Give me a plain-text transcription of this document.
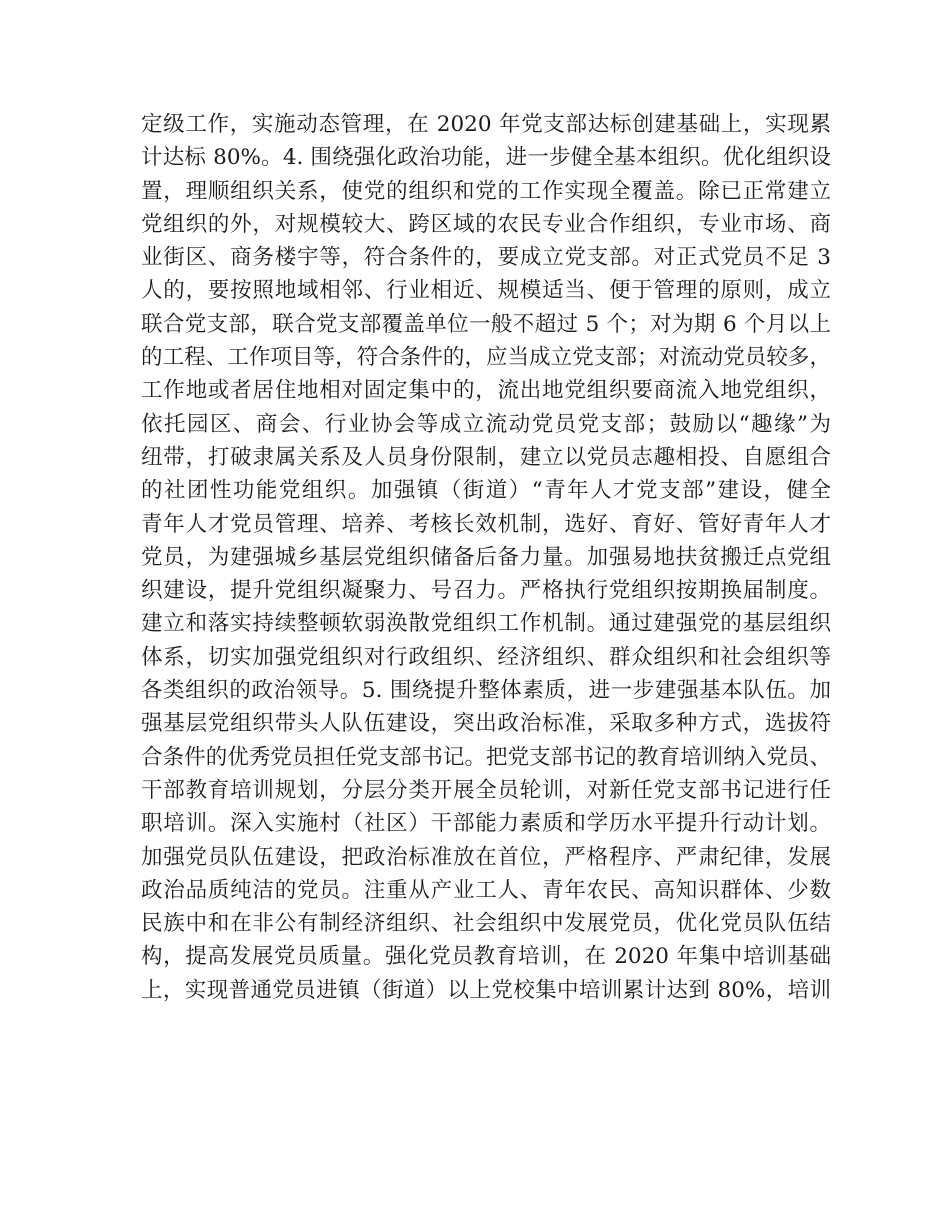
定级工作，实施动态管理，在 2020 年党支部达标创建基础上，实现累
计达标 80%。4. 围绕强化政治功能，进一步健全基本组织。优化组织设
置，理顺组织关系，使党的组织和党的工作实现全覆盖。除已正常建立
党组织的外，对规模较大、跨区域的农民专业合作组织，专业市场、商
业街区、商务楼宇等，符合条件的，要成立党支部。对正式党员不足 3
人的，要按照地域相邻、行业相近、规模适当、便于管理的原则，成立
联合党支部，联合党支部覆盖单位一般不超过 5 个；对为期 6 个月以上
的工程、工作项目等，符合条件的，应当成立党支部；对流动党员较多，
工作地或者居住地相对固定集中的，流出地党组织要商流入地党组织，
依托园区、商会、行业协会等成立流动党员党支部；鼓励以“趣缘”为
纽带，打破隶属关系及人员身份限制，建立以党员志趣相投、自愿组合
的社团性功能党组织。加强镇（街道）“青年人才党支部”建设，健全
青年人才党员管理、培养、考核长效机制，选好、育好、管好青年人才
党员，为建强城乡基层党组织储备后备力量。加强易地扶贫搬迁点党组
织建设，提升党组织凝聚力、号召力。严格执行党组织按期换届制度。
建立和落实持续整顿软弱涣散党组织工作机制。通过建强党的基层组织
体系，切实加强党组织对行政组织、经济组织、群众组织和社会组织等
各类组织的政治领导。5. 围绕提升整体素质，进一步建强基本队伍。加
强基层党组织带头人队伍建设，突出政治标准，采取多种方式，选拔符
合条件的优秀党员担任党支部书记。把党支部书记的教育培训纳入党员、
干部教育培训规划，分层分类开展全员轮训，对新任党支部书记进行任
职培训。深入实施村（社区）干部能力素质和学历水平提升行动计划。
加强党员队伍建设，把政治标准放在首位，严格程序、严肃纪律，发展
政治品质纯洁的党员。注重从产业工人、青年农民、高知识群体、少数
民族中和在非公有制经济组织、社会组织中发展党员，优化党员队伍结
构，提高发展党员质量。强化党员教育培训，在 2020 年集中培训基础
上，实现普通党员进镇（街道）以上党校集中培训累计达到 80%，培训
